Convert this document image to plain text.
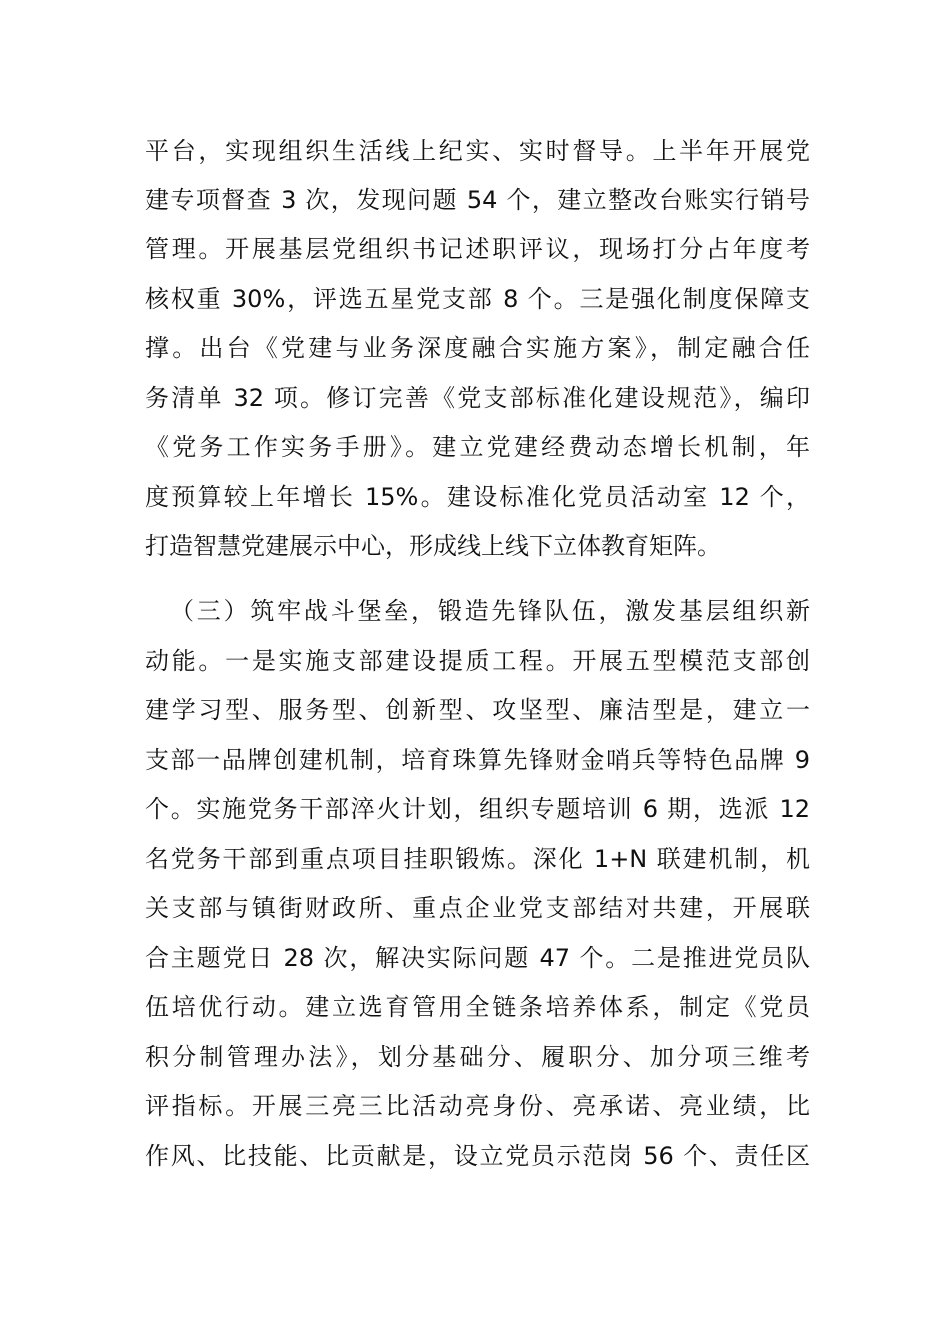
平台，实现组织生活线上纪实、实时督导。上半年开展党
建专项督查 3 次，发现问题 54 个，建立整改台账实行销号
管理。开展基层党组织书记述职评议，现场打分占年度考
核权重 30%，评选五星党支部 8 个。三是强化制度保障支
撑。出台《党建与业务深度融合实施方案》，制定融合任
务清单 32 项。修订完善《党支部标准化建设规范》，编印
《党务工作实务手册》。建立党建经费动态增长机制，年
度预算较上年增长 15%。建设标准化党员活动室 12 个，
打造智慧党建展示中心，形成线上线下立体教育矩阵。
（三）筑牢战斗堡垒，锻造先锋队伍，激发基层组织新
动能。一是实施支部建设提质工程。开展五型模范支部创
建学习型、服务型、创新型、攻坚型、廉洁型是，建立一
支部一品牌创建机制，培育珠算先锋财金哨兵等特色品牌 9
个。实施党务干部淬火计划，组织专题培训 6 期，选派 12
名党务干部到重点项目挂职锻炼。深化 1+N 联建机制，机
关支部与镇街财政所、重点企业党支部结对共建，开展联
合主题党日 28 次，解决实际问题 47 个。二是推进党员队
伍培优行动。建立选育管用全链条培养体系，制定《党员
积分制管理办法》，划分基础分、履职分、加分项三维考
评指标。开展三亮三比活动亮身份、亮承诺、亮业绩，比
作风、比技能、比贡献是，设立党员示范岗 56 个、责任区
